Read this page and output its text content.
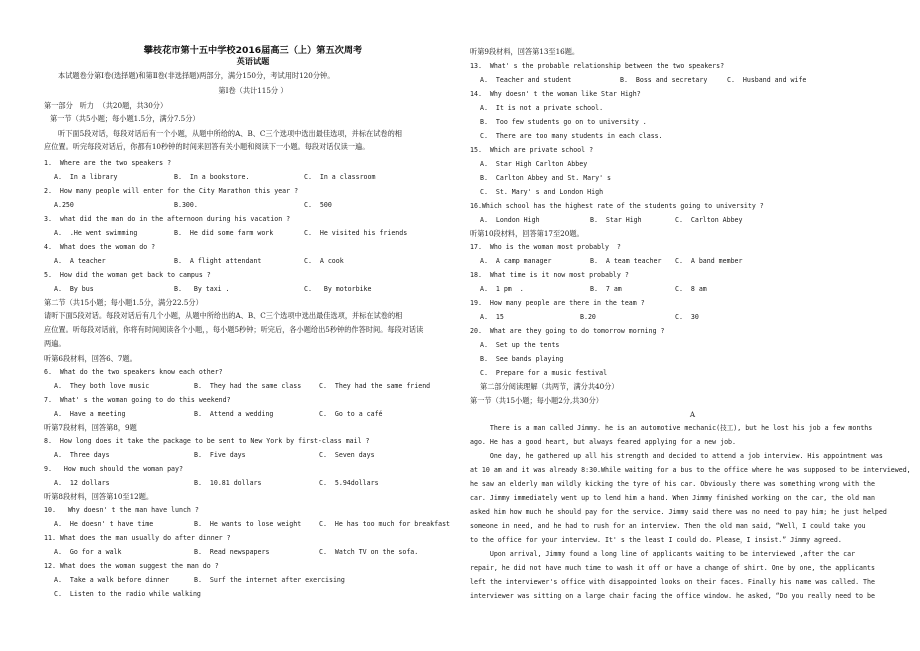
攀枝花市第十五中学校2016届高三（上）第五次周考
英语试题
本试题卷分第Ⅰ卷(选择题)和第Ⅱ卷(非选择题)两部分，满分150分，考试用时120分钟。
第Ⅰ卷（共计115分 ）
第一部分   听力  （共20题，共30分）
第一节（共5小题；每小题1.5分，满分7.5分）
听下面5段对话，每段对话后有一个小题，从题中所给的A、B、C三个选项中选出最佳选项，并标在试卷的相
应位置。听完每段对话后，你都有10秒钟的时间来回答有关小题和阅读下一小题。每段对话仅读一遍。
1.  Where are the two speakers ?
A.  In a library	B.  In a bookstore.	C.  In a classroom
2.  How many people will enter for the City Marathon this year ?
A.250	B.300.	C.  500
3.  what did the man do in the afternoon during his vacation ?
A.  .He went swimming	B.  He did some farm work	C.  He visited his friends
4.  What does the woman do ?
A.  A teacher	B.  A flight attendant	C.  A cook
5.  How did the woman get back to campus ?
A.  By bus	B.   By taxi .	C.   By motorbike
第二节（共15小题；每小题1.5分，满分22.5分）
请听下面5段对话。每段对话后有几个小题，从题中所给出的A、B、C三个选项中选出最佳选项，并标在试卷的相
应位置。听每段对话前，你将有时间阅读各个小题，，每小题5秒钟；听完后，各小题给出5秒钟的作答时间。每段对话读
两遍。
听第6段材料，回答6、7题。
6.  What do the two speakers know each other?
A.  They both love music	B.  They had the same class	C.  They had the same friend
7.  What' s the woman going to do this weekend?
A.  Have a meeting	B.  Attend a wedding	C.  Go to a café
听第7段材料，回答第8，9题
8.  How long does it take the package to be sent to New York by first-class mail ?
A.  Three days	B.  Five days	C.  Seven days
9.   How much should the woman pay?
A.  12 dollars	B.  10.81 dollars	C.  5.94dollars
听第8段材料，回答第10至12题。
10.   Why doesn' t the man have lunch ?
A.  He doesn' t have time	B.  He wants to lose weight	C.  He has too much for breakfast
11. What does the man usually do after dinner ?
A.  Go for a walk	B.  Read newspapers	C.  Watch TV on the sofa.
12. What does the woman suggest the man do ?
A.  Take a walk before dinner	B.  Surf the internet after exercising
C.  Listen to the radio while walking
听第9段材料，回答第13至16题。
13.  What' s the probable relationship between the two speakers?
A.  Teacher and student	B.  Boss and secretary	C.  Husband and wife
14.  Why doesn' t the woman like Star High?
A.  It is not a private school.
B.  Too few students go on to university .
C.  There are too many students in each class.
15.  Which are private school ?
A.  Star High Carlton Abbey
B.  Carlton Abbey and St. Mary' s
C.  St. Mary' s and London High
16.Which school has the highest rate of the students going to university ?
A.  London High	B.  Star High	C.  Carlton Abbey
听第10段材料，回答第17至20题。
17.  Who is the woman most probably  ?
A.  A camp manager	B.  A team teacher C.  A band member
18.  What time is it now most probably ?
A.  1 pm  .	B.  7 am	C.  8 am
19.  How many people are there in the team ?
A.  15	B.20	C.  30
20.  What are they going to do tomorrow morning ?
A.  Set up the tents
B.  See bands playing
C.  Prepare for a music festival
第二部分阅读理解（共两节，满分共40分）
第一节（共15小题；每小题2分,共30分）
A
There is a man called Jimmy. he is an automotive mechanic(技工), but he lost his job a few months
ago. He has a good heart, but always feared applying for a new job.
One day, he gathered up all his strength and decided to attend a job interview. His appointment was
at 10 am and it was already 8:30.While waiting for a bus to the office where he was supposed to be interviewed,
he saw an elderly man wildly kicking the tyre of his car. Obviously there was something wrong with the
car. Jimmy immediately went up to lend him a hand. When Jimmy finished working on the car, the old man
asked him how much he should pay for the service. Jimmy said there was no need to pay him; he just helped
someone in need, and he had to rush for an interview. Then the old man said, “Well，I could take you
to the office for your interview. It' s the least I could do. Please，I insist.” Jimmy agreed.
Upon arrival, Jimmy found a long line of applicants waiting to be interviewed ,after the car
repair, he did not have much time to wash it off or have a change of shirt. One by one, the applicants
left the interviewer's office with disappointed looks on their faces. Finally his name was called. The
interviewer was sitting on a large chair facing the office window. he asked, “Do you really need to be
